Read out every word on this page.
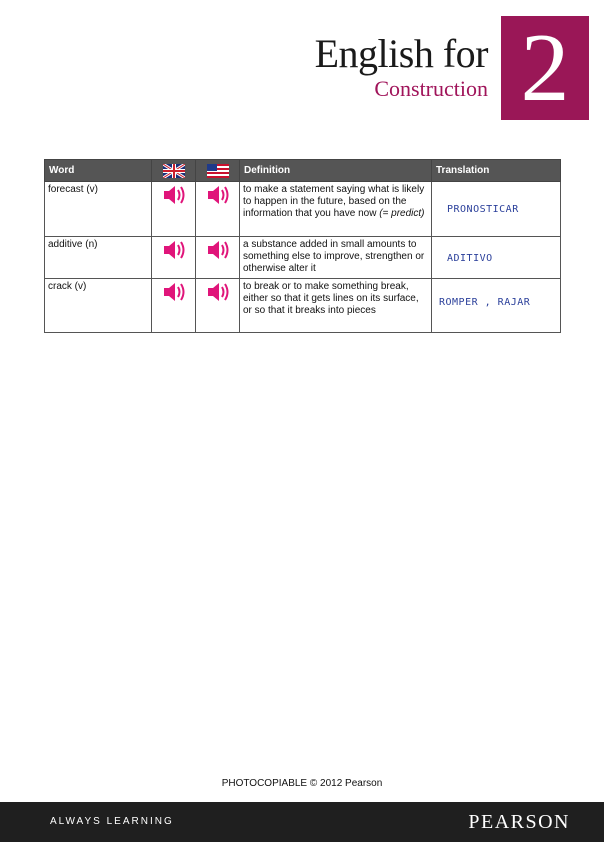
English for
Construction 2
Word			Definition	Translation
forecast (v)			to make a statement saying what is likely to happen in the future, based on the information that you have now (= predict)	PRONOSTICAR

additive (n)			a substance added in small amounts to something else to improve, strengthen or otherwise alter it	ADITIVO

crack (v)			to break or to make something break, either so that it gets lines on its surface, or so that it breaks into pieces	ROMPER , RAJAR
PHOTOCOPIABLE © 2012 Pearson
ALWAYS LEARNING	PEARSON
